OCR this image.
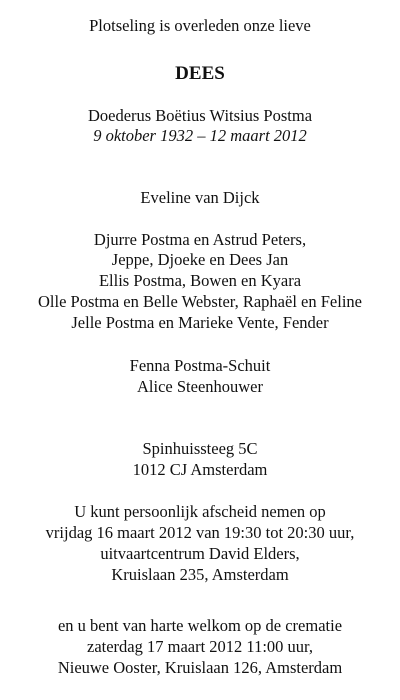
Plotseling is overleden onze lieve
DEES
Doederus Boëtius Witsius Postma
9 oktober 1932 – 12 maart 2012
Eveline van Dijck
Djurre Postma en Astrud Peters,
Jeppe, Djoeke en Dees Jan
Ellis Postma, Bowen en Kyara
Olle Postma en Belle Webster, Raphaël en Feline
Jelle Postma en Marieke Vente, Fender
Fenna Postma-Schuit
Alice Steenhouwer
Spinhuissteeg 5C
1012 CJ Amsterdam
U kunt persoonlijk afscheid nemen op
vrijdag 16 maart 2012 van 19:30 tot 20:30 uur,
uitvaartcentrum David Elders,
Kruislaan 235, Amsterdam
en u bent van harte welkom op de crematie
zaterdag 17 maart 2012 11:00 uur,
Nieuwe Ooster, Kruislaan 126, Amsterdam
